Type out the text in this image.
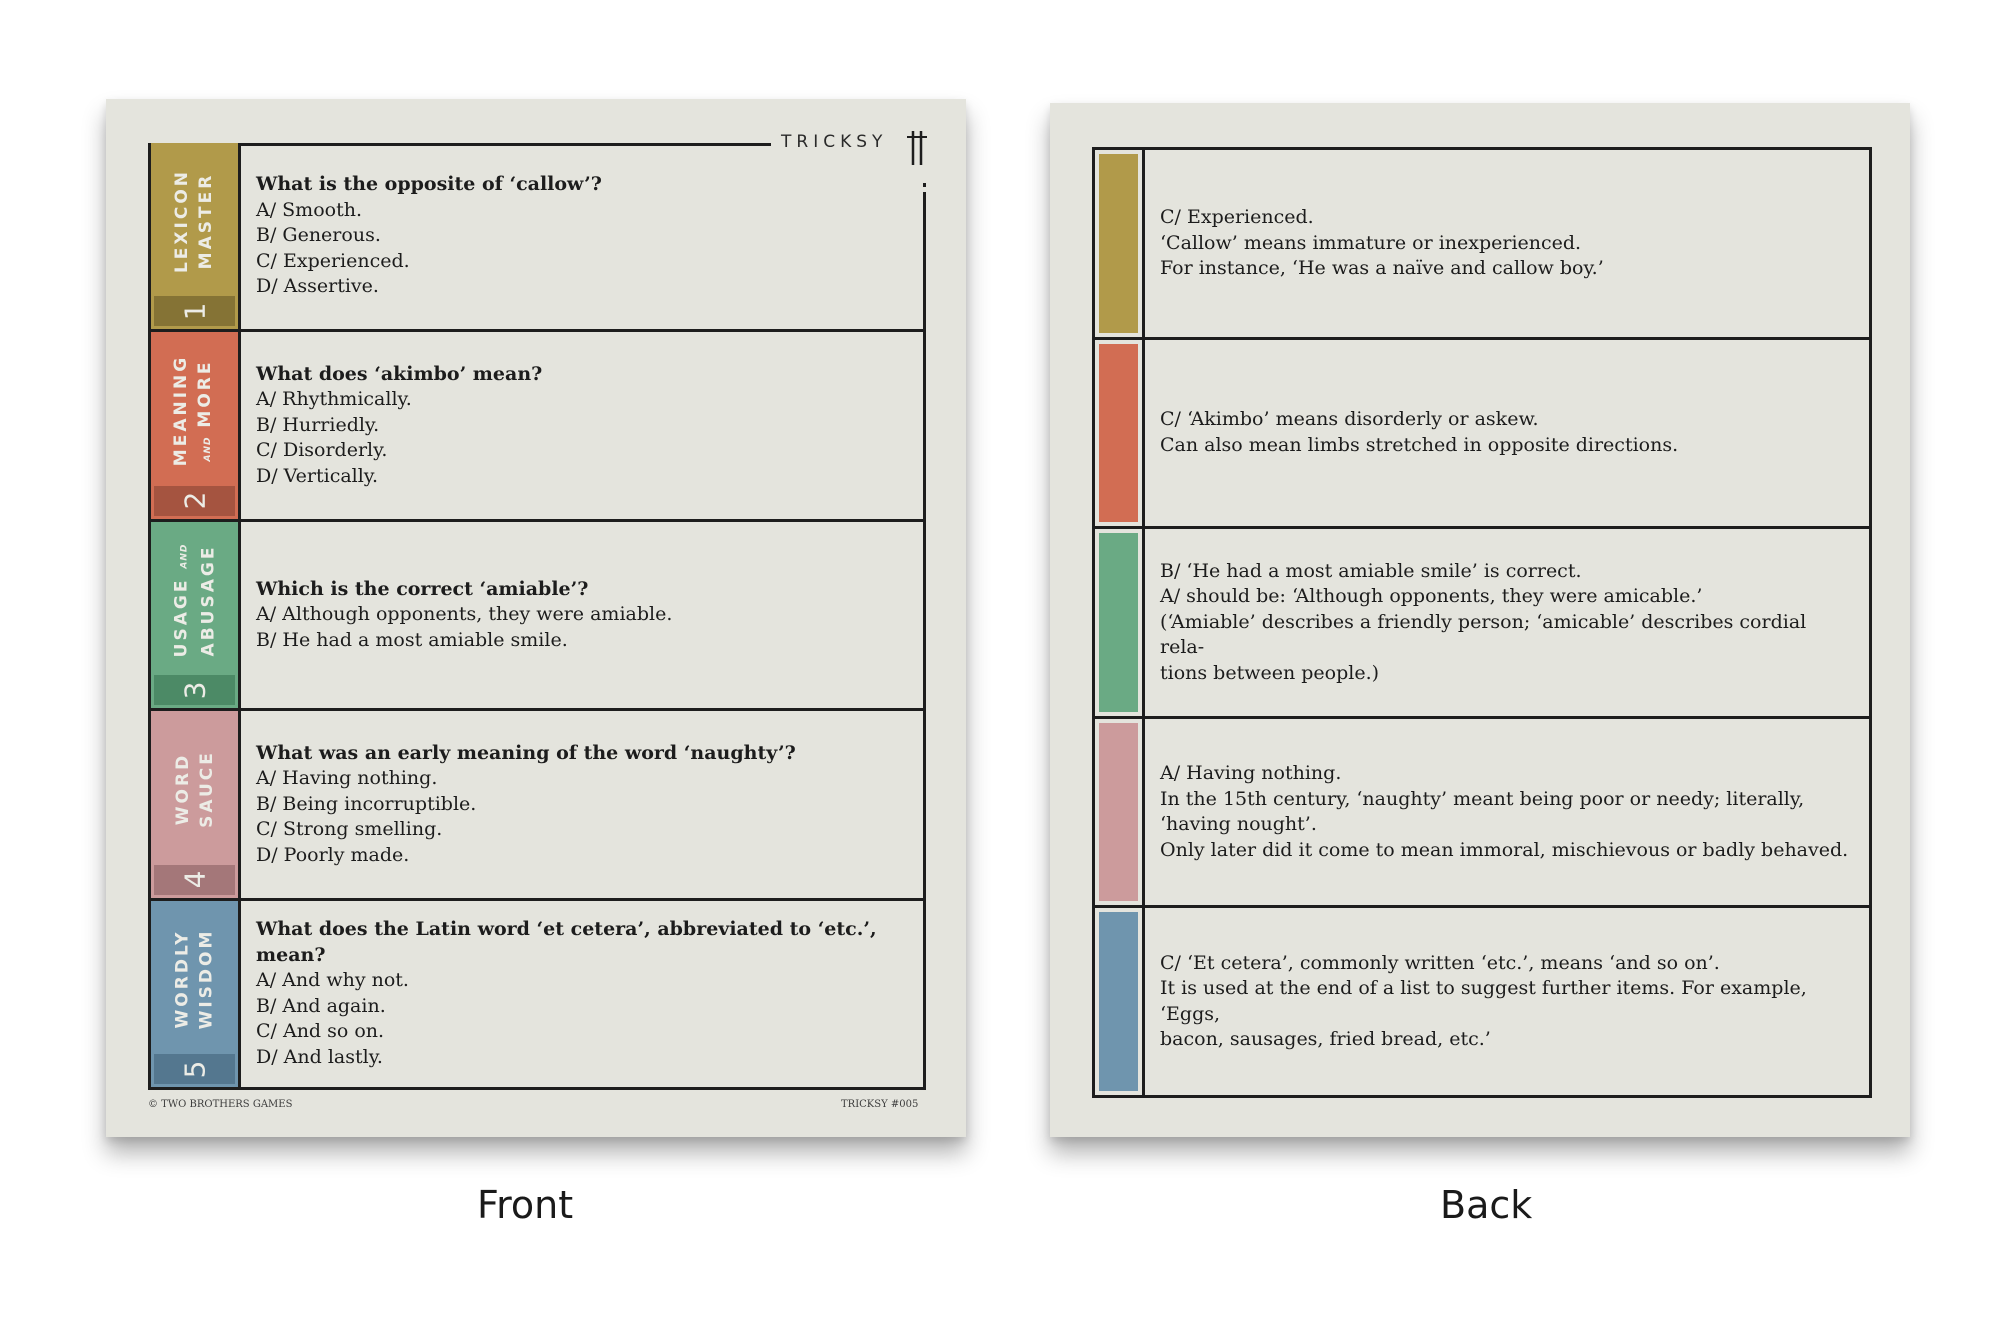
TRICKSY
LEXICON MASTER
1
What is the opposite of ‘callow’?
A/ Smooth.
B/ Generous.
C/ Experienced.
D/ Assertive.
MEANING	AND MORE
2
What does ‘akimbo’ mean?
A/ Rhythmically.
B/ Hurriedly.
C/ Disorderly.
D/ Vertically.
USAGE AND ABUSAGE
3
Which is the correct ‘amiable’?
A/ Although opponents, they were amiable.
B/ He had a most amiable smile.
WORD SAUCE
4
What was an early meaning of the word ‘naughty’?
A/ Having nothing.
B/ Being incorruptible.
C/ Strong smelling.
D/ Poorly made.
WORDLY WISDOM
5
What does the Latin word ‘et cetera’, abbreviated to ‘etc.’, mean?
A/ And why not.
B/ And again.
C/ And so on.
D/ And lastly.
© TWO BROTHERS GAMES	TRICKSY #005
C/ Experienced.
‘Callow’ means immature or inexperienced.
For instance, ‘He was a naïve and callow boy.’
C/ ‘Akimbo’ means disorderly or askew.
Can also mean limbs stretched in opposite directions.
B/ ‘He had a most amiable smile’ is correct.
A/ should be: ‘Although opponents, they were amicable.’
(‘Amiable’ describes a friendly person; ‘amicable’ describes cordial rela-
tions between people.)
A/ Having nothing.
In the 15th century, ‘naughty’ meant being poor or needy; literally,
‘having nought’.
Only later did it come to mean immoral, mischievous or badly behaved.
C/ ‘Et cetera’, commonly written ‘etc.’, means ‘and so on’.
It is used at the end of a list to suggest further items. For example, ‘Eggs,
bacon, sausages, fried bread, etc.’
Front	Back
